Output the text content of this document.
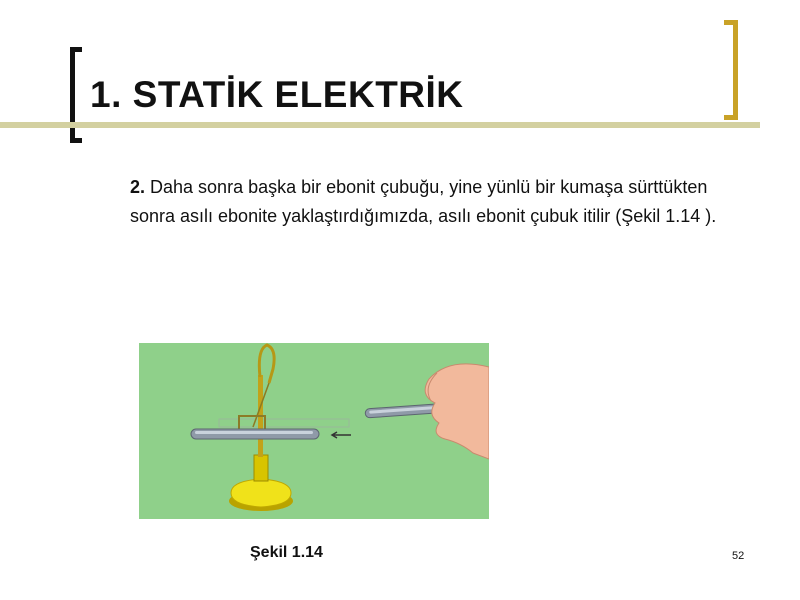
1. STATİK ELEKTRİK

2. Daha sonra başka bir ebonit çubuğu, yine yünlü bir kumaşa sürttükten sonra asılı ebonite yaklaştırdığımızda, asılı ebonit çubuk itilir (Şekil 1.14 ).

Şekil 1.14	52
